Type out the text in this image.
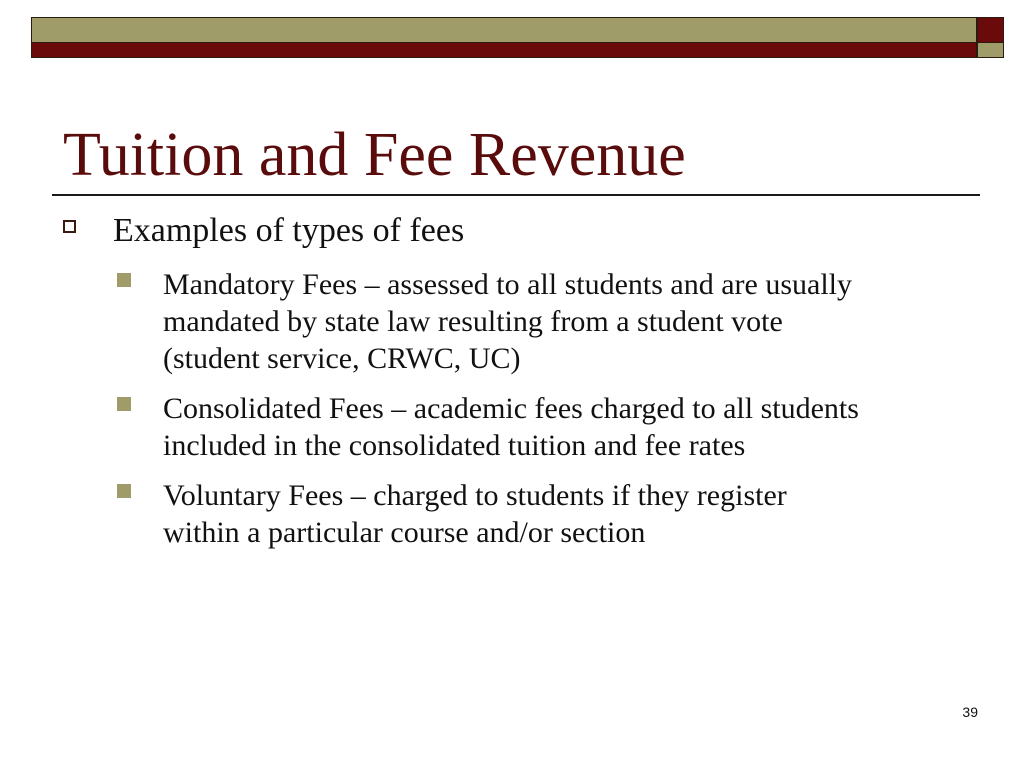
Tuition and Fee Revenue
Examples of types of fees
Mandatory Fees – assessed to all students and are usually
mandated by state law resulting from a student vote
(student service, CRWC, UC)
Consolidated Fees – academic fees charged to all students
included in the consolidated tuition and fee rates
Voluntary Fees – charged to students if they register
within a particular course and/or section
39
